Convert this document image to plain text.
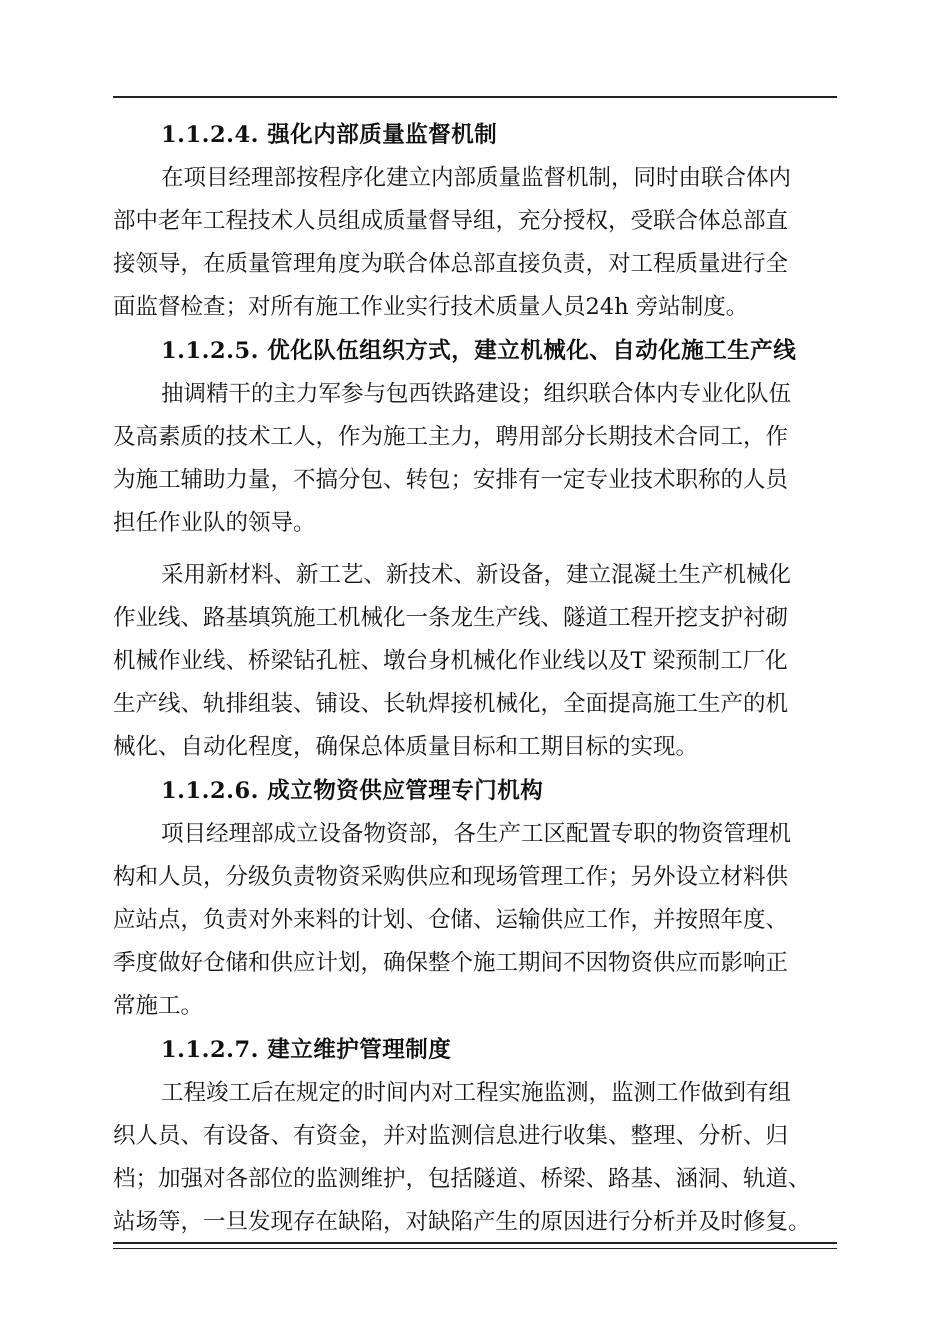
1.1.2.4. 强化内部质量监督机制

在项目经理部按程序化建立内部质量监督机制，同时由联合体内
部中老年工程技术人员组成质量督导组，充分授权，受联合体总部直
接领导，在质量管理角度为联合体总部直接负责，对工程质量进行全
面监督检查；对所有施工作业实行技术质量人员24h 旁站制度。

1.1.2.5. 优化队伍组织方式，建立机械化、自动化施工生产线

抽调精干的主力军参与包西铁路建设；组织联合体内专业化队伍
及高素质的技术工人，作为施工主力，聘用部分长期技术合同工，作
为施工辅助力量，不搞分包、转包；安排有一定专业技术职称的人员
担任作业队的领导。

采用新材料、新工艺、新技术、新设备，建立混凝土生产机械化
作业线、路基填筑施工机械化一条龙生产线、隧道工程开挖支护衬砌
机械作业线、桥梁钻孔桩、墩台身机械化作业线以及T 梁预制工厂化
生产线、轨排组装、铺设、长轨焊接机械化，全面提高施工生产的机
械化、自动化程度，确保总体质量目标和工期目标的实现。

1.1.2.6. 成立物资供应管理专门机构

项目经理部成立设备物资部，各生产工区配置专职的物资管理机
构和人员，分级负责物资采购供应和现场管理工作；另外设立材料供
应站点，负责对外来料的计划、仓储、运输供应工作，并按照年度、
季度做好仓储和供应计划，确保整个施工期间不因物资供应而影响正
常施工。

1.1.2.7. 建立维护管理制度

工程竣工后在规定的时间内对工程实施监测，监测工作做到有组
织人员、有设备、有资金，并对监测信息进行收集、整理、分析、归
档；加强对各部位的监测维护，包括隧道、桥梁、路基、涵洞、轨道、
站场等，一旦发现存在缺陷，对缺陷产生的原因进行分析并及时修复。
